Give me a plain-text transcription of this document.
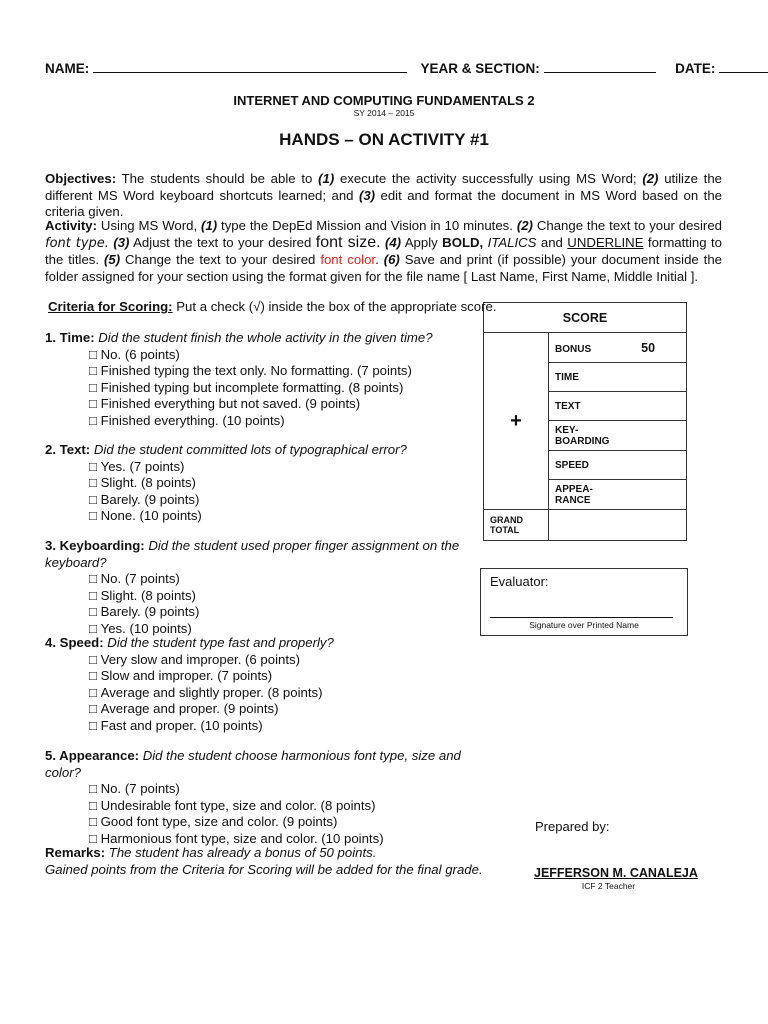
NAME:	YEAR & SECTION:	DATE:
INTERNET AND COMPUTING FUNDAMENTALS 2
SY 2014 – 2015
HANDS – ON ACTIVITY #1
Objectives: The students should be able to (1) execute the activity successfully using MS Word; (2) utilize the different MS Word keyboard shortcuts learned; and (3) edit and format the document in MS Word based on the criteria given.
Activity: Using MS Word, (1) type the DepEd Mission and Vision in 10 minutes. (2) Change the text to your desired font type. (3) Adjust the text to your desired font size. (4) Apply BOLD, ITALICS and UNDERLINE formatting to the titles. (5) Change the text to your desired font color. (6) Save and print (if possible) your document inside the folder assigned for your section using the format given for the file name [ Last Name, First Name, Middle Initial ].
Criteria for Scoring: Put a check (√) inside the box of the appropriate score.
1. Time: Did the student finish the whole activity in the given time?
□ No. (6 points)
□ Finished typing the text only. No formatting. (7 points)
□ Finished typing but incomplete formatting. (8 points)
□ Finished everything but not saved. (9 points)
□ Finished everything. (10 points)
2. Text: Did the student committed lots of typographical error?
□ Yes. (7 points)
□ Slight. (8 points)
□ Barely. (9 points)
□ None. (10 points)
3. Keyboarding: Did the student used proper finger assignment on the keyboard?
□ No. (7 points)
□ Slight. (8 points)
□ Barely. (9 points)
□ Yes. (10 points)
4. Speed: Did the student type fast and properly?
□ Very slow and improper. (6 points)
□ Slow and improper. (7 points)
□ Average and slightly proper. (8 points)
□ Average and proper. (9 points)
□ Fast and proper. (10 points)
5. Appearance: Did the student choose harmonious font type, size and color?
□ No. (7 points)
□ Undesirable font type, size and color. (8 points)
□ Good font type, size and color. (9 points)
□ Harmonious font type, size and color. (10 points)
Remarks: The student has already a bonus of 50 points.
Gained points from the Criteria for Scoring will be added for the final grade.
SCORE	
+	BONUS 50
	TIME
	TEXT

	KEY-
BOARDING

	SPEED

	APPEA-
RANCE

GRAND
TOTAL	

Evaluator:
Signature over Printed Name
Prepared by:
JEFFERSON M. CANALEJA
ICF 2 Teacher
